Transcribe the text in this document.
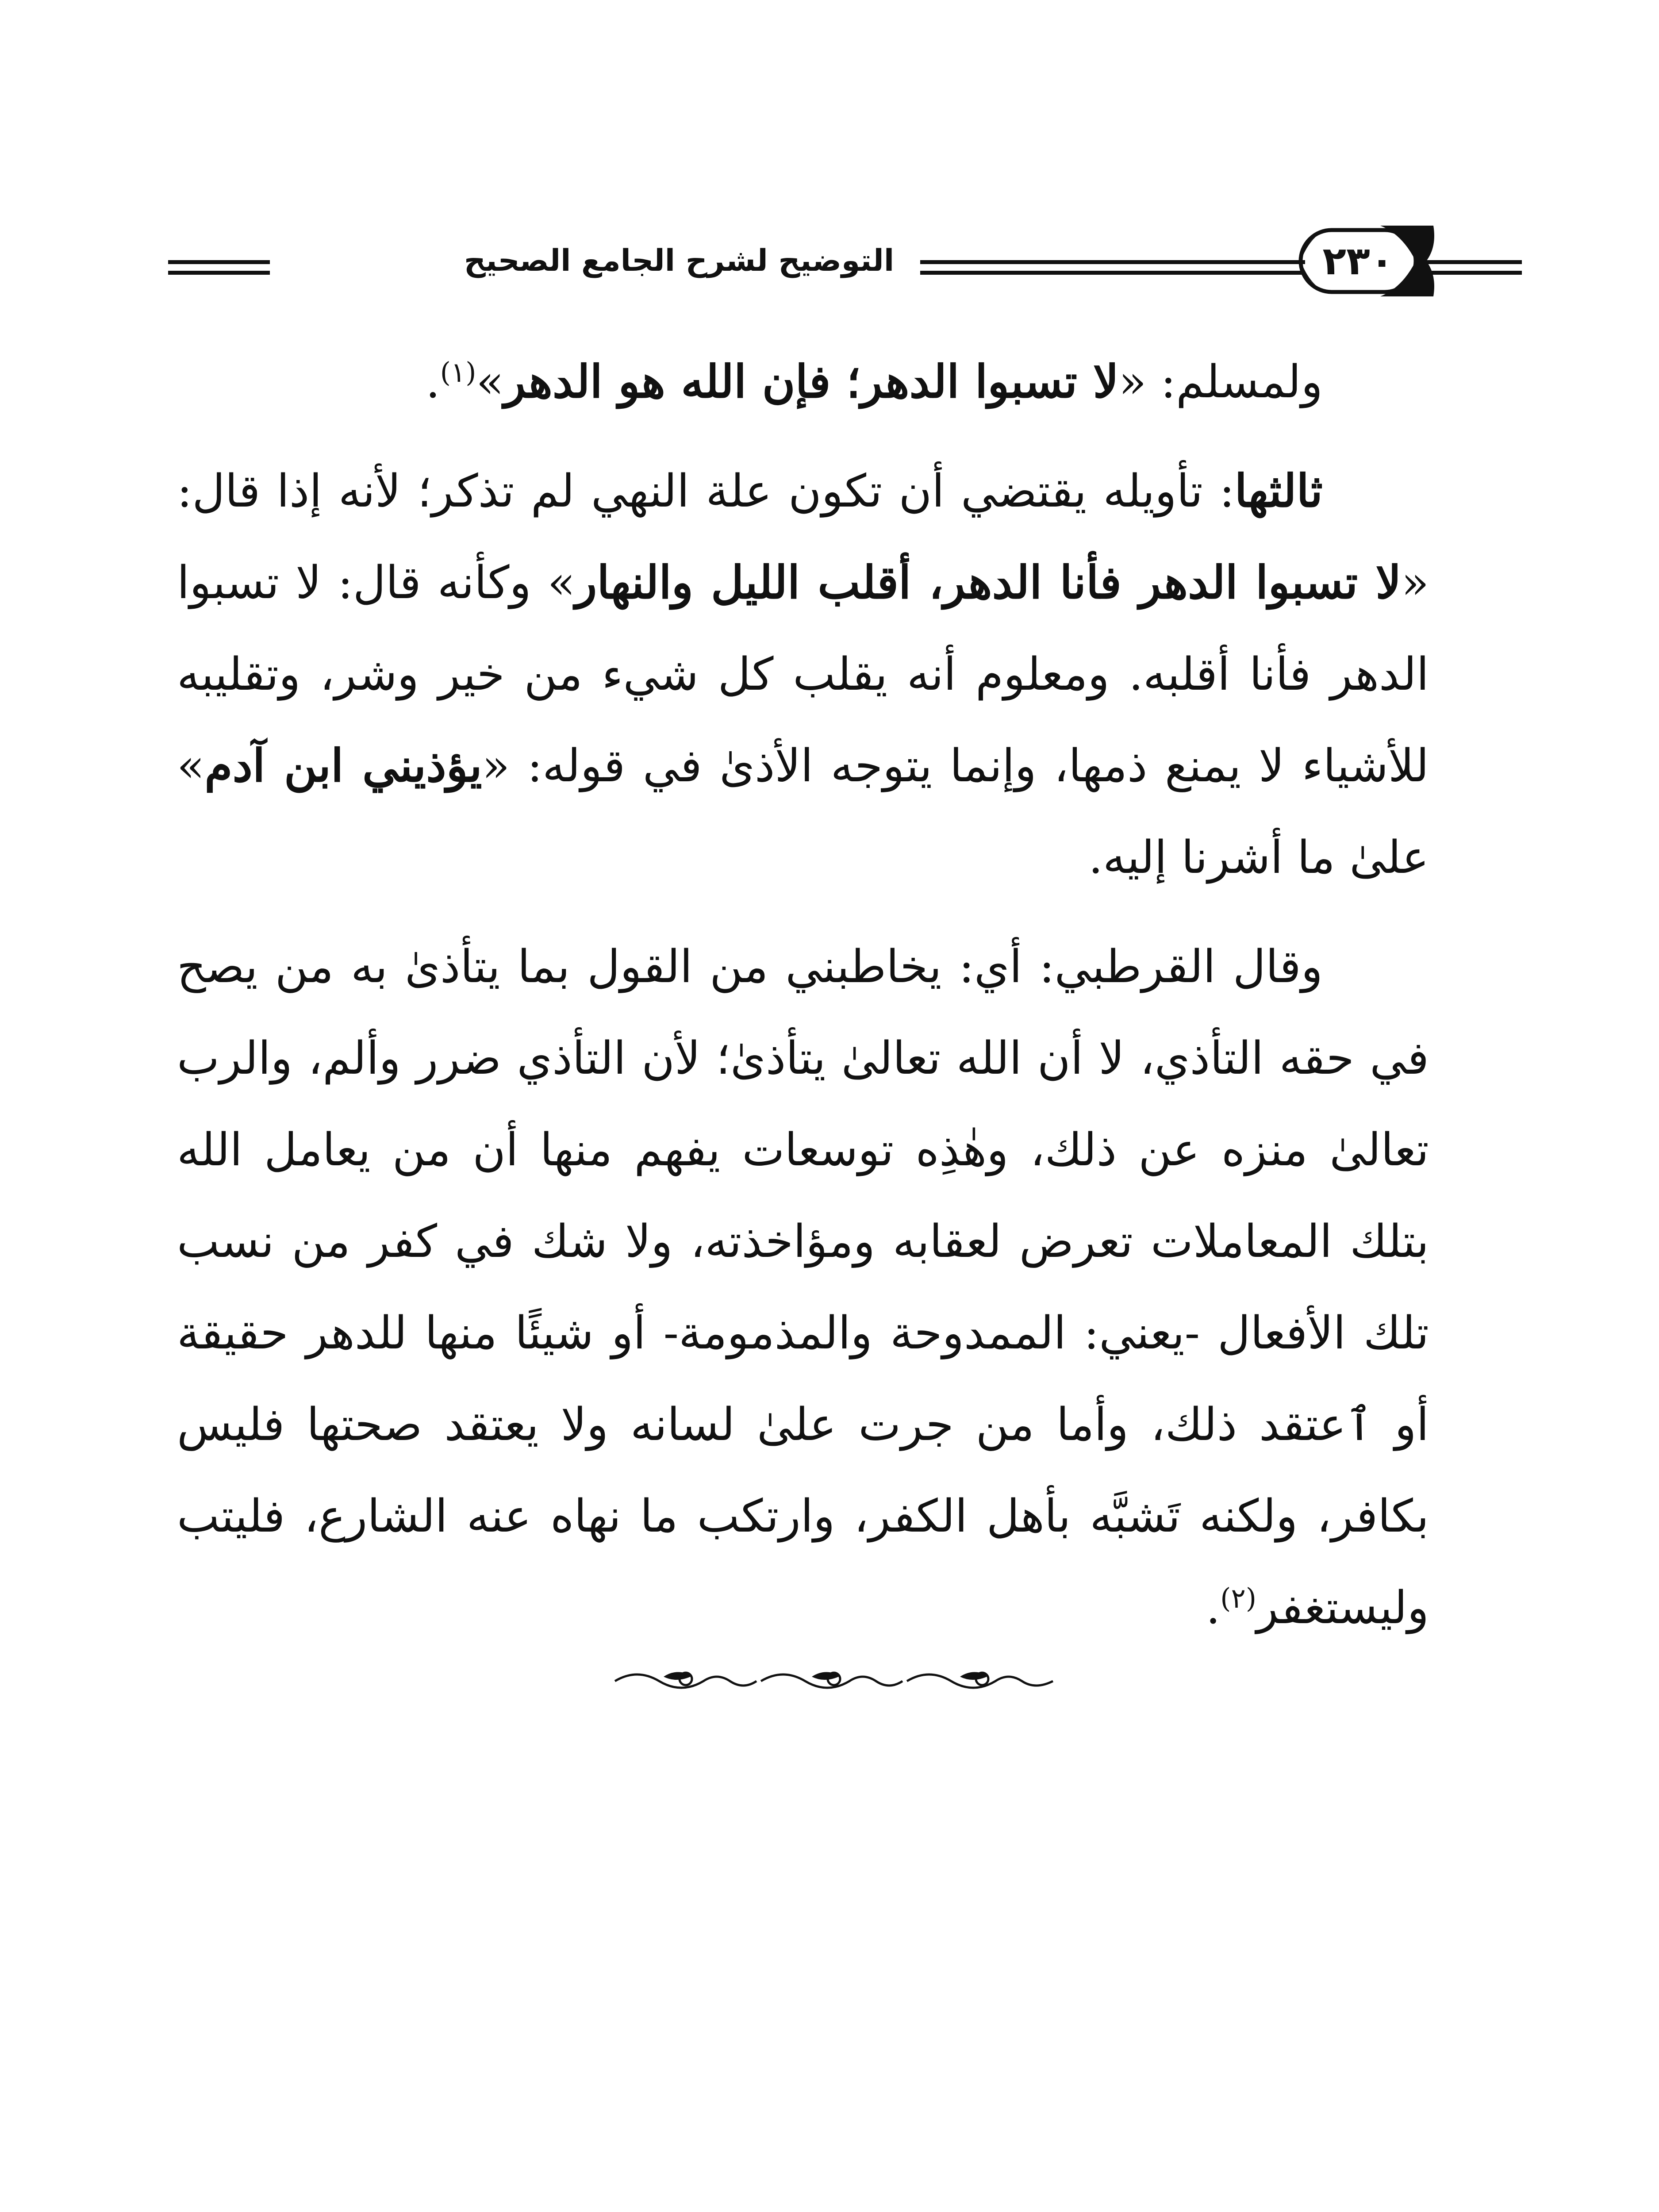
التوضيح لشرح الجامع الصحيح	٢٣٠

ولمسلم: «لا تسبوا الدهر؛ فإن الله هو الدهر»$^{(١)}$.

ثالثها: تأويله يقتضي أن تكون علة النهي لم تذكر؛ لأنه إذا قال: «لا تسبوا الدهر فأنا الدهر، أقلب الليل والنهار» وكأنه قال: لا تسبوا الدهر فأنا أقلبه. ومعلوم أنه يقلب كل شيء من خير وشر، وتقليبه للأشياء لا يمنع ذمها، وإنما يتوجه الأذىٰ في قوله: «يؤذيني ابن آدم» علىٰ ما أشرنا إليه.

وقال القرطبي: أي: يخاطبني من القول بما يتأذىٰ به من يصح في حقه التأذي، لا أن الله تعالىٰ يتأذىٰ؛ لأن التأذي ضرر وألم، والرب تعالىٰ منزه عن ذلك، وهٰذِه توسعات يفهم منها أن من يعامل الله بتلك المعاملات تعرض لعقابه ومؤاخذته، ولا شك في كفر من نسب تلك الأفعال -يعني: الممدوحة والمذمومة- أو شيئًا منها للدهر حقيقة أو ٱعتقد ذلك، وأما من جرت علىٰ لسانه ولا يعتقد صحتها فليس بكافر، ولكنه تَشبَّه بأهل الكفر، وارتكب ما نهاه عنه الشارع، فليتب وليستغفر$^{(٢)}$.
